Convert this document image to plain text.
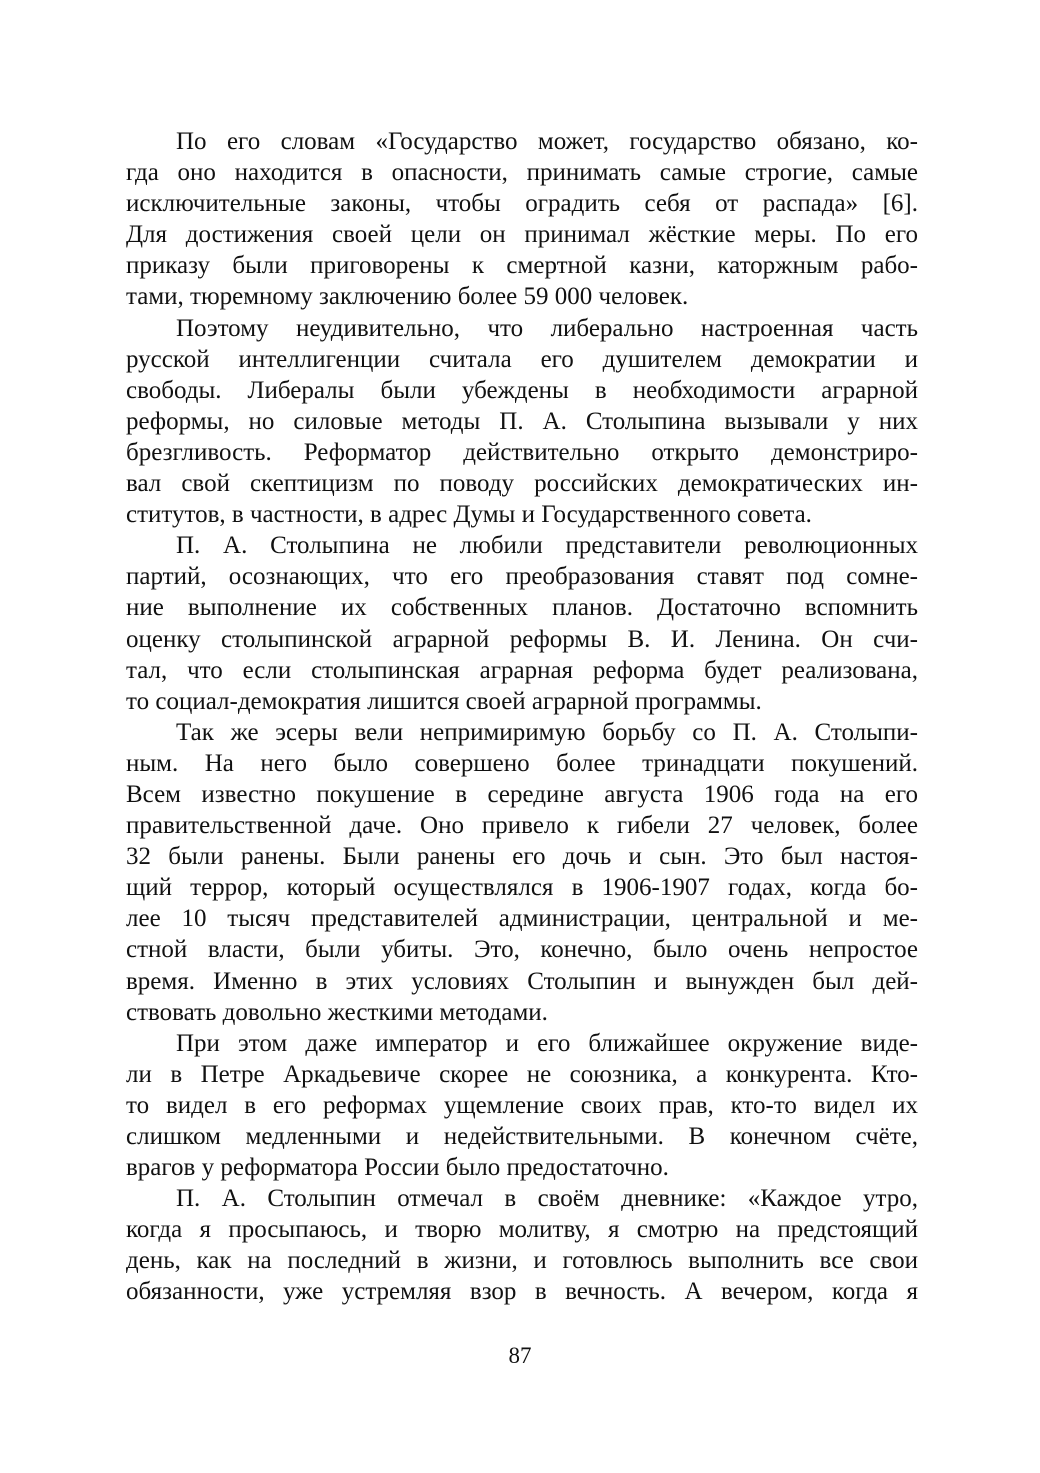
По его словам «Государство может, государство обязано, ко-
гда оно находится в опасности, принимать самые строгие, самые
исключительные законы, чтобы оградить себя от распада» [6].
Для достижения своей цели он принимал жёсткие меры. По его
приказу были приговорены к смертной казни, каторжным рабо-
тами, тюремному заключению более 59 000 человек.
Поэтому неудивительно, что либерально настроенная часть
русской интеллигенции считала его душителем демократии и
свободы. Либералы были убеждены в необходимости аграрной
реформы, но силовые методы П. А. Столыпина вызывали у них
брезгливость. Реформатор действительно открыто демонстриро-
вал свой скептицизм по поводу российских демократических ин-
ститутов, в частности, в адрес Думы и Государственного совета.
П. А. Столыпина не любили представители революционных
партий, осознающих, что его преобразования ставят под сомне-
ние выполнение их собственных планов. Достаточно вспомнить
оценку столыпинской аграрной реформы В. И. Ленина. Он счи-
тал, что если столыпинская аграрная реформа будет реализована,
то социал-демократия лишится своей аграрной программы.
Так же эсеры вели непримиримую борьбу со П. А. Столыпи-
ным. На него было совершено более тринадцати покушений.
Всем известно покушение в середине августа 1906 года на его
правительственной даче. Оно привело к гибели 27 человек, более
32 были ранены. Были ранены его дочь и сын. Это был настоя-
щий террор, который осуществлялся в 1906-1907 годах, когда бо-
лее 10 тысяч представителей администрации, центральной и ме-
стной власти, были убиты. Это, конечно, было очень непростое
время. Именно в этих условиях Столыпин и вынужден был дей-
ствовать довольно жесткими методами.
При этом даже император и его ближайшее окружение виде-
ли в Петре Аркадьевиче скорее не союзника, а конкурента. Кто-
то видел в его реформах ущемление своих прав, кто-то видел их
слишком медленными и недействительными. В конечном счёте,
врагов у реформатора России было предостаточно.
П. А. Столыпин отмечал в своём дневнике: «Каждое утро,
когда я просыпаюсь, и творю молитву, я смотрю на предстоящий
день, как на последний в жизни, и готовлюсь выполнить все свои
обязанности, уже устремляя взор в вечность. А вечером, когда я
87
